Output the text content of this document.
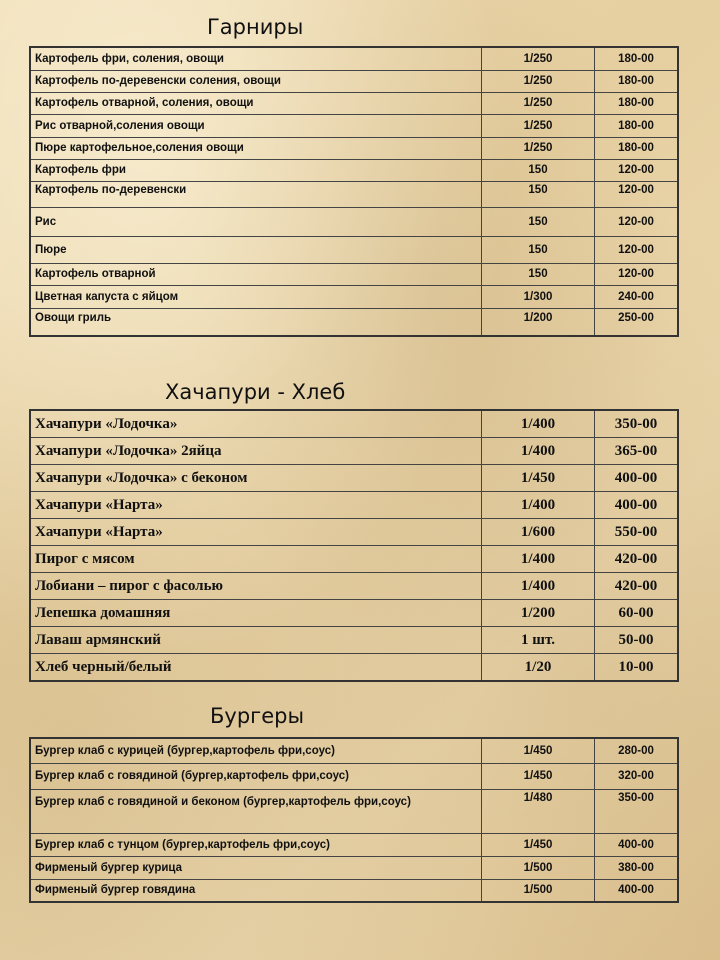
Гарниры
Картофель фри, соления, овощи	1/250	180-00
Картофель по-деревенски соления, овощи	1/250	180-00
Картофель отварной, соления, овощи	1/250	180-00
Рис отварной,соления овощи	1/250	180-00
Пюре картофельное,соления овощи	1/250	180-00
Картофель фри	150	120-00
Картофель по-деревенски	150	120-00
Рис	150	120-00
Пюре	150	120-00
Картофель отварной	150	120-00
Цветная капуста с яйцом	1/300	240-00
Овощи гриль	1/200	250-00
Хачапури - Хлеб
Хачапури «Лодочка»	1/400	350-00
Хачапури «Лодочка» 2яйца	1/400	365-00
Хачапури «Лодочка» с беконом	1/450	400-00
Хачапури «Нарта»	1/400	400-00
Хачапури «Нарта»	1/600	550-00
Пирог с мясом	1/400	420-00
Лобиани – пирог с фасолью	1/400	420-00
Лепешка домашняя	1/200	60-00
Лаваш армянский	1 шт.	50-00
Хлеб черный/белый	1/20	10-00
Бургеры
Бургер клаб с курицей (бургер,картофель фри,соус)	1/450	280-00
Бургер клаб с говядиной (бургер,картофель фри,соус)	1/450	320-00
Бургер клаб с говядиной и беконом (бургер,картофель фри,соус)	1/480	350-00
Бургер клаб с тунцом (бургер,картофель фри,соус)	1/450	400-00
Фирменый бургер курица	1/500	380-00
Фирменый бургер говядина	1/500	400-00
